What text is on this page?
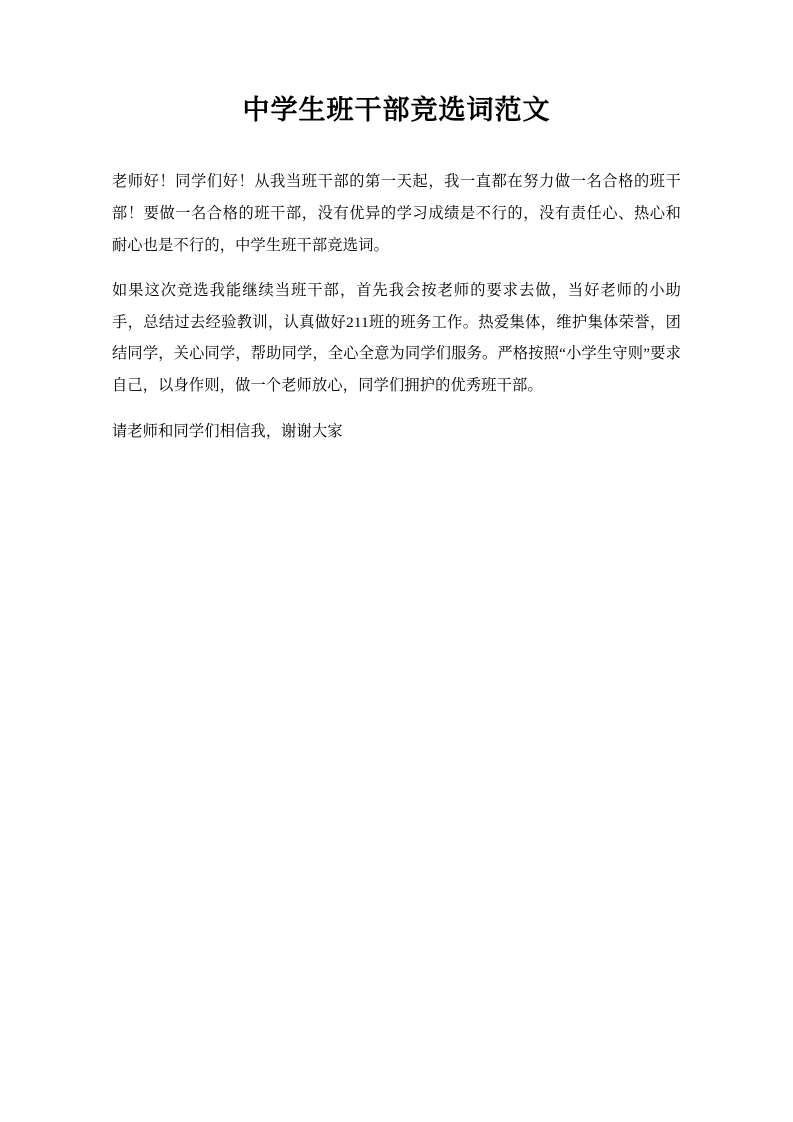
中学生班干部竞选词范文

老师好！同学们好！从我当班干部的第一天起，我一直都在努力做一名合格的班干部！要做一名合格的班干部，没有优异的学习成绩是不行的，没有责任心、热心和耐心也是不行的，中学生班干部竞选词。

如果这次竞选我能继续当班干部，首先我会按老师的要求去做，当好老师的小助手，总结过去经验教训，认真做好211班的班务工作。热爱集体，维护集体荣誉，团结同学，关心同学，帮助同学，全心全意为同学们服务。严格按照“小学生守则”要求自己，以身作则，做一个老师放心，同学们拥护的优秀班干部。

请老师和同学们相信我，谢谢大家
